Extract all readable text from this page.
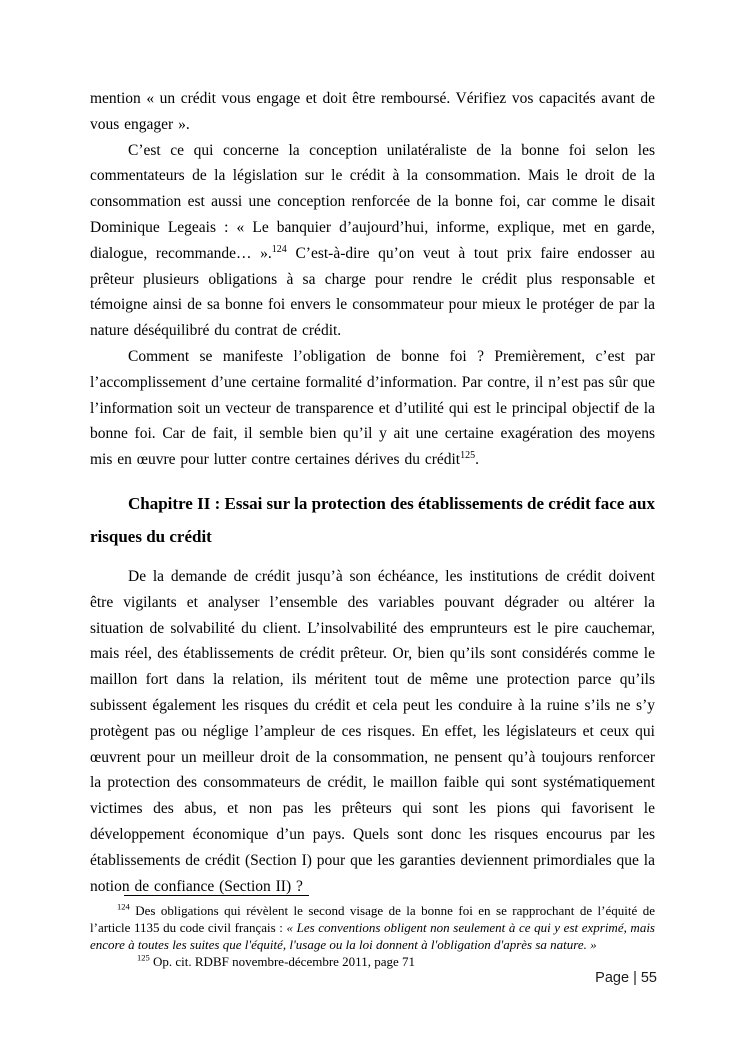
mention « un crédit vous engage et doit être remboursé. Vérifiez vos capacités avant de vous engager ».

C’est ce qui concerne la conception unilatéraliste de la bonne foi selon les commentateurs de la législation sur le crédit à la consommation. Mais le droit de la consommation est aussi une conception renforcée de la bonne foi, car comme le disait Dominique Legeais : « Le banquier d’aujourd’hui, informe, explique, met en garde, dialogue, recommande… ».$^{124}$ C’est-à-dire qu’on veut à tout prix faire endosser au prêteur plusieurs obligations à sa charge pour rendre le crédit plus responsable et témoigne ainsi de sa bonne foi envers le consommateur pour mieux le protéger de par la nature déséquilibré du contrat de crédit.

Comment se manifeste l’obligation de bonne foi ? Premièrement, c’est par l’accomplissement d’une certaine formalité d’information. Par contre, il n’est pas sûr que l’information soit un vecteur de transparence et d’utilité qui est le principal objectif de la bonne foi. Car de fait, il semble bien qu’il y ait une certaine exagération des moyens mis en œuvre pour lutter contre certaines dérives du crédit$^{125}$.

Chapitre II : Essai sur la protection des établissements de crédit face aux risques du crédit

De la demande de crédit jusqu’à son échéance, les institutions de crédit doivent être vigilants et analyser l’ensemble des variables pouvant dégrader ou altérer la situation de solvabilité du client. L’insolvabilité des emprunteurs est le pire cauchemar, mais réel, des établissements de crédit prêteur. Or, bien qu’ils sont considérés comme le maillon fort dans la relation, ils méritent tout de même une protection parce qu’ils subissent également les risques du crédit et cela peut les conduire à la ruine s’ils ne s’y protègent pas ou néglige l’ampleur de ces risques. En effet, les législateurs et ceux qui œuvrent pour un meilleur droit de la consommation, ne pensent qu’à toujours renforcer la protection des consommateurs de crédit, le maillon faible qui sont systématiquement victimes des abus, et non pas les prêteurs qui sont les pions qui favorisent le développement économique d’un pays. Quels sont donc les risques encourus par les établissements de crédit (Section I) pour que les garanties deviennent primordiales que la notion de confiance (Section II) ?

$^{124}$ Des obligations qui révèlent le second visage de la bonne foi en se rapprochant de l’équité de l’article 1135 du code civil français : « Les conventions obligent non seulement à ce qui y est exprimé, mais encore à toutes les suites que l'équité, l'usage ou la loi donnent à l'obligation d'après sa nature. »

$^{125}$ Op. cit. RDBF novembre-décembre 2011, page 71

Page | 55
